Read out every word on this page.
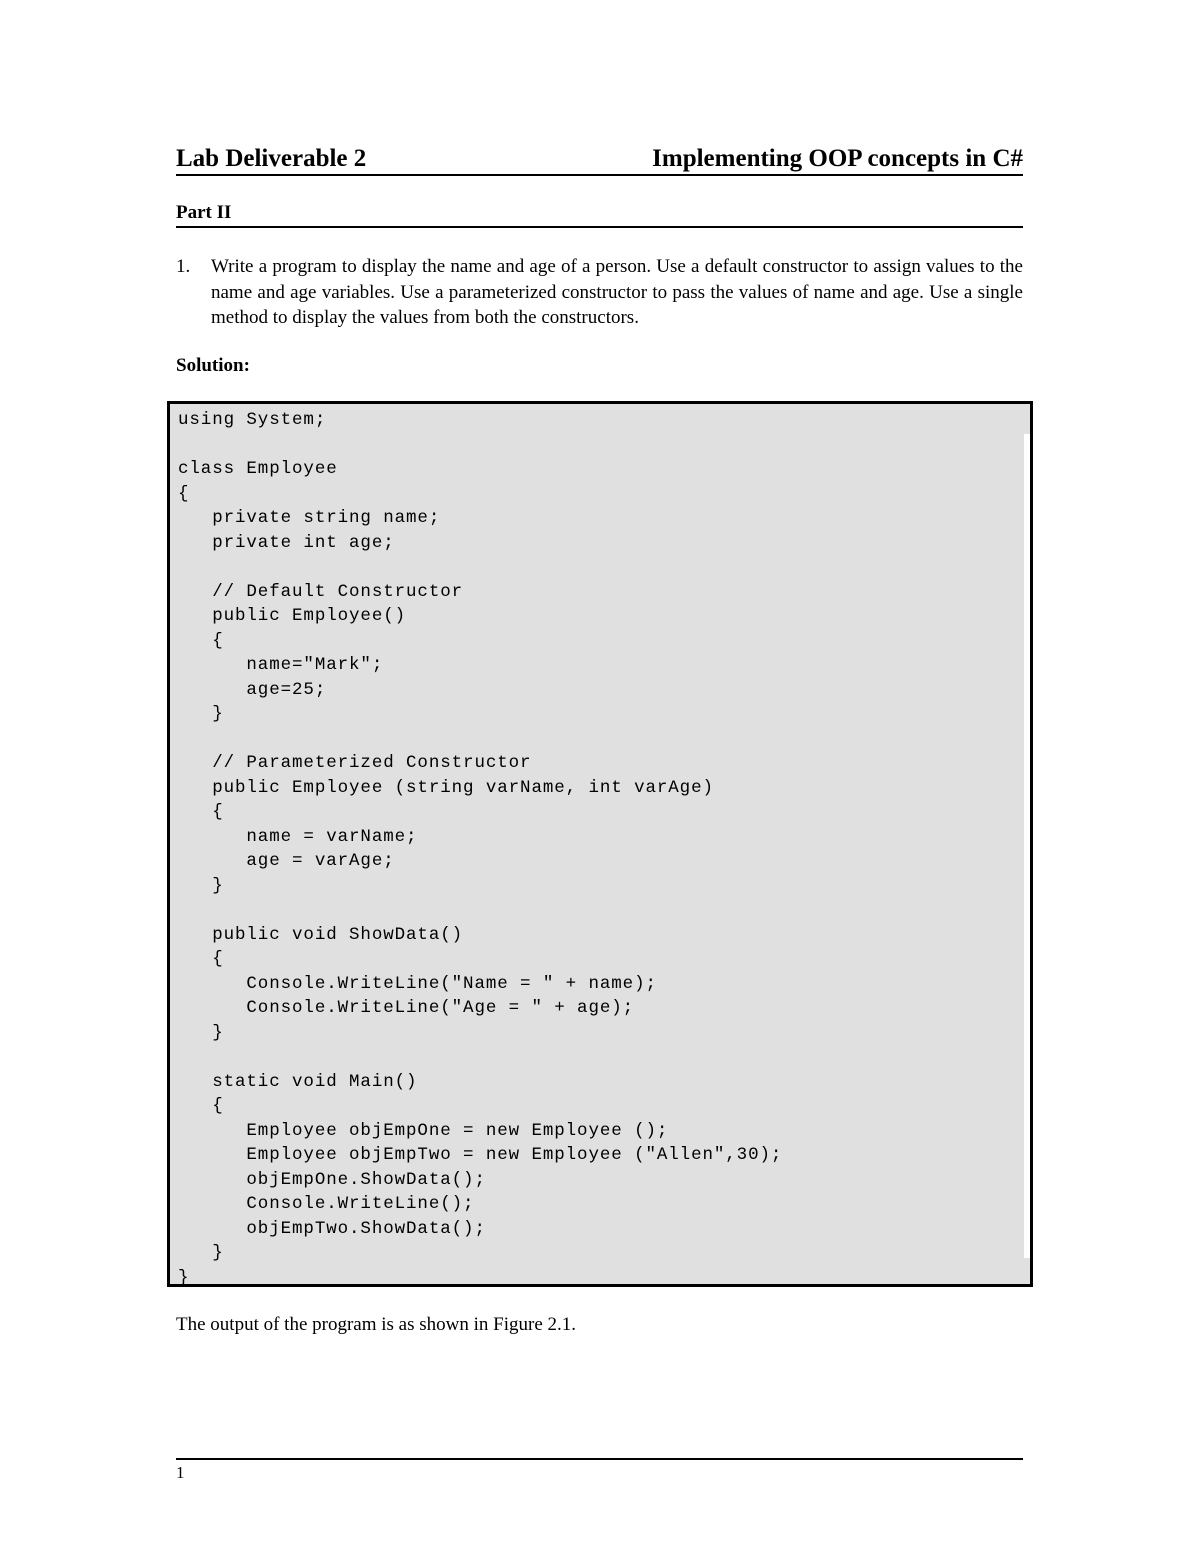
Lab Deliverable 2	Implementing OOP concepts in C#
Part II
1.	Write a program to display the name and age of a person. Use a default constructor to assign values to the name and age variables. Use a parameterized constructor to pass the values of name and age. Use a single method to display the values from both the constructors.
Solution:
using System;

class Employee
{
private string name;
private int age;

// Default Constructor
public Employee()
{
name="Mark";
age=25;
}

// Parameterized Constructor
public Employee (string varName, int varAge)
{
name = varName;
age = varAge;
}

public void ShowData()
{
Console.WriteLine("Name = " + name);
Console.WriteLine("Age = " + age);
}

static void Main()
{
Employee objEmpOne = new Employee ();
Employee objEmpTwo = new Employee ("Allen",30);
objEmpOne.ShowData();
Console.WriteLine();
objEmpTwo.ShowData();
}
}
The output of the program is as shown in Figure 2.1.
1
